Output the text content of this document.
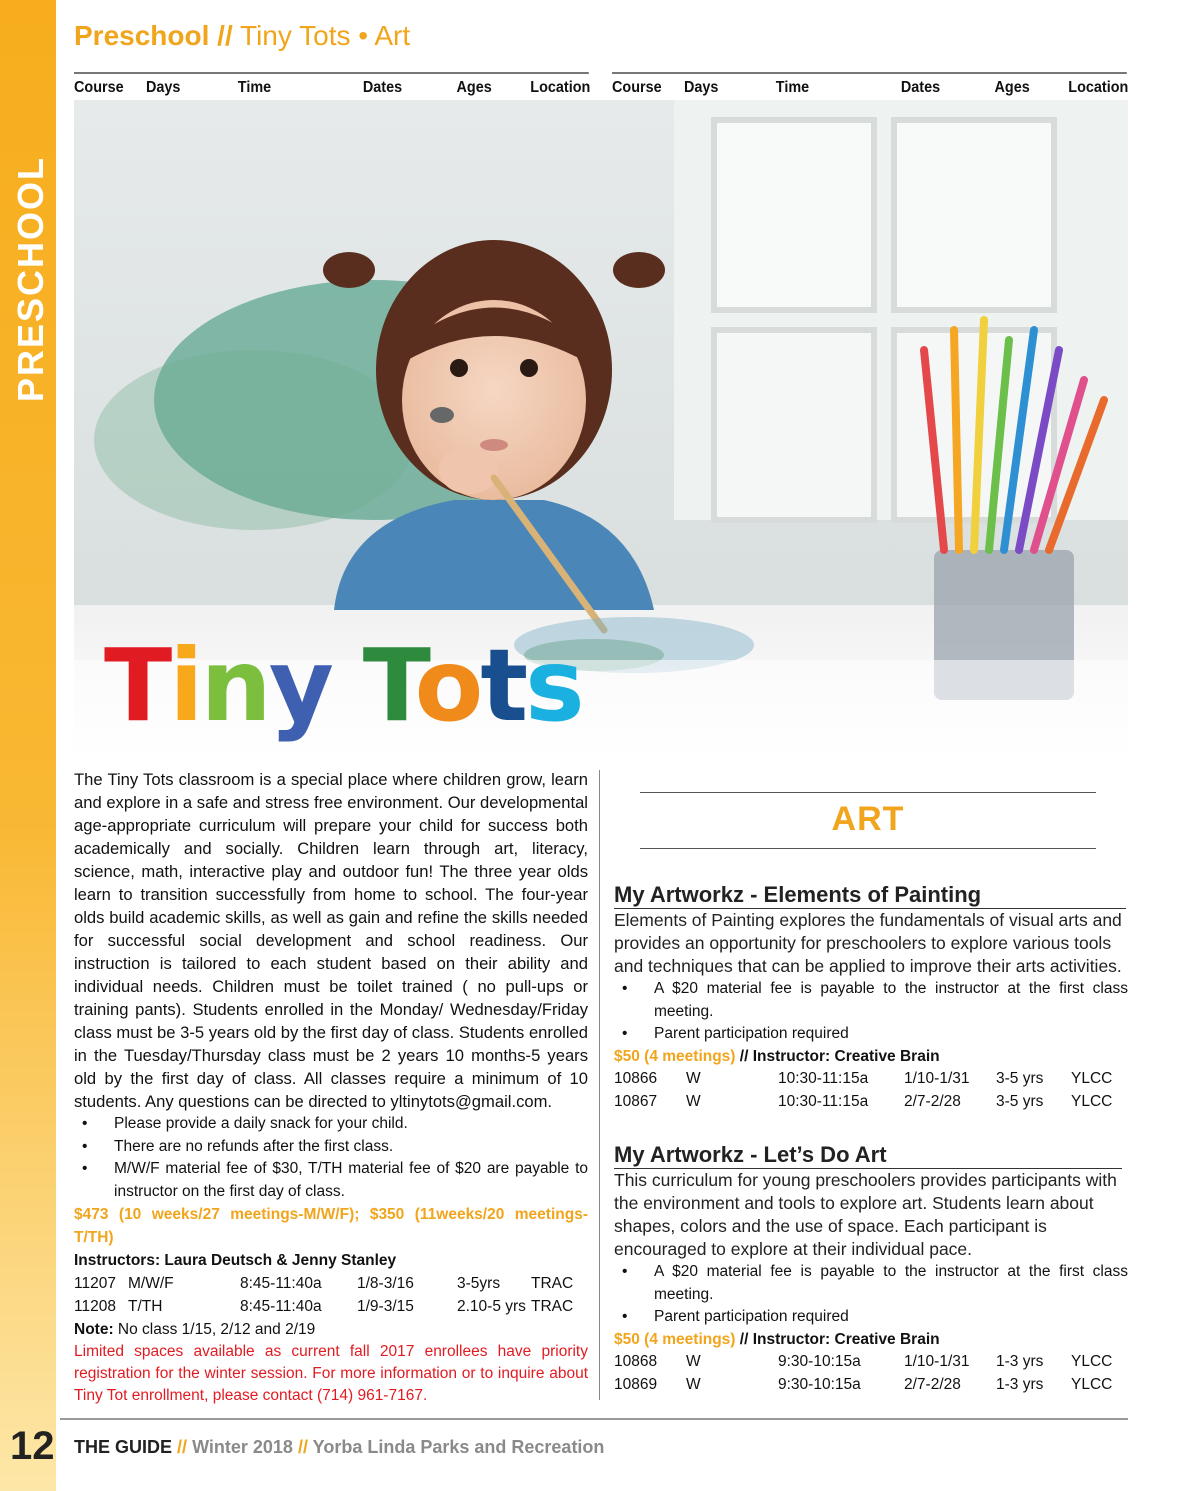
PRESCHOOL
Preschool // Tiny Tots • Art
Course Days	Time	Dates	Ages Location Course Days	Time	Dates	Ages Location
Tiny Tots
The Tiny Tots classroom is a special place where children grow, learn and explore in a safe and stress free environment. Our developmental age-appropriate curriculum will prepare your child for success both academically and socially. Children learn through art, literacy, science, math, interactive play and outdoor fun! The three year olds learn to transition successfully from home to school. The four-year olds build academic skills, as well as gain and refine the skills needed for successful social development and school readiness. Our instruction is tailored to each student based on their ability and individual needs. Children must be toilet trained ( no pull-ups or training pants). Students enrolled in the Monday/ Wednesday/Friday class must be 3-5 years old by the first day of class. Students enrolled in the Tuesday/Thursday class must be 2 years 10 months-5 years old by the first day of class. All classes require a minimum of 10 students. Any questions can be directed to yltinytots@gmail.com.
• Please provide a daily snack for your child.
• There are no refunds after the first class.
• M/W/F material fee of $30, T/TH material fee of $20 are payable to instructor on the first day of class.
$473 (10 weeks/27 meetings-M/W/F); $350 (11weeks/20 meetings-T/TH)
Instructors: Laura Deutsch & Jenny Stanley
11207	M/W/F	8:45-11:40a	1/8-3/16	3-5yrs	TRAC
11208	T/TH	8:45-11:40a	1/9-3/15	2.10-5 yrs	TRAC
Note: No class 1/15, 2/12 and 2/19
Limited spaces available as current fall 2017 enrollees have priority registration for the winter session. For more information or to inquire about Tiny Tot enrollment, please contact (714) 961-7167.
ART
My Artworkz - Elements of Painting
Elements of Painting explores the fundamentals of visual arts and provides an opportunity for preschoolers to explore various tools and techniques that can be applied to improve their arts activities.
• A $20 material fee is payable to the instructor at the first class meeting.
• Parent participation required
$50 (4 meetings) // Instructor: Creative Brain
10866	W	10:30-11:15a	1/10-1/31	3-5 yrs	YLCC
10867	W	10:30-11:15a	2/7-2/28	3-5 yrs	YLCC
My Artworkz - Let’s Do Art
This curriculum for young preschoolers provides participants with the environment and tools to explore art. Students learn about shapes, colors and the use of space. Each participant is encouraged to explore at their individual pace.
• A $20 material fee is payable to the instructor at the first class meeting.
• Parent participation required
$50 (4 meetings) // Instructor: Creative Brain
10868	W	9:30-10:15a	1/10-1/31	1-3 yrs	YLCC
10869	W	9:30-10:15a	2/7-2/28	1-3 yrs	YLCC
12 THE GUIDE // Winter 2018 // Yorba Linda Parks and Recreation
